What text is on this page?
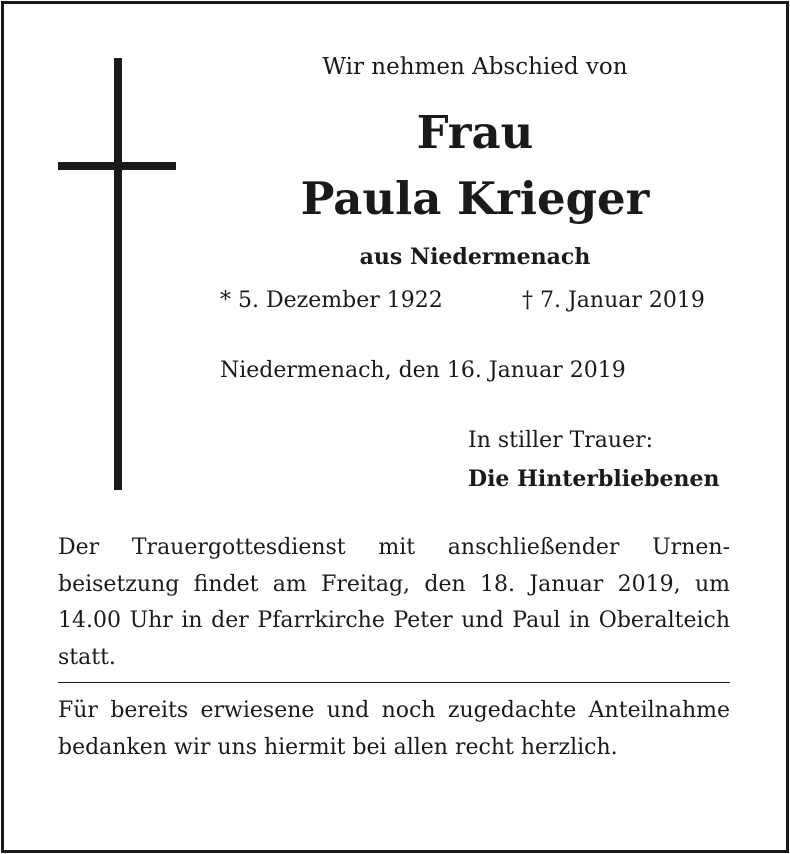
Wir nehmen Abschied von
Frau
Paula Krieger
aus Niedermenach
* 5. Dezember 1922	† 7. Januar 2019
Niedermenach, den 16. Januar 2019
In stiller Trauer:
Die Hinterbliebenen

Der Trauergottesdienst mit anschließender Urnenbeisetzung findet am Freitag, den 18. Januar 2019, um 14.00 Uhr in der Pfarrkirche Peter und Paul in Oberalteich statt.

Für bereits erwiesene und noch zugedachte Anteilnahme bedanken wir uns hiermit bei allen recht herzlich.
